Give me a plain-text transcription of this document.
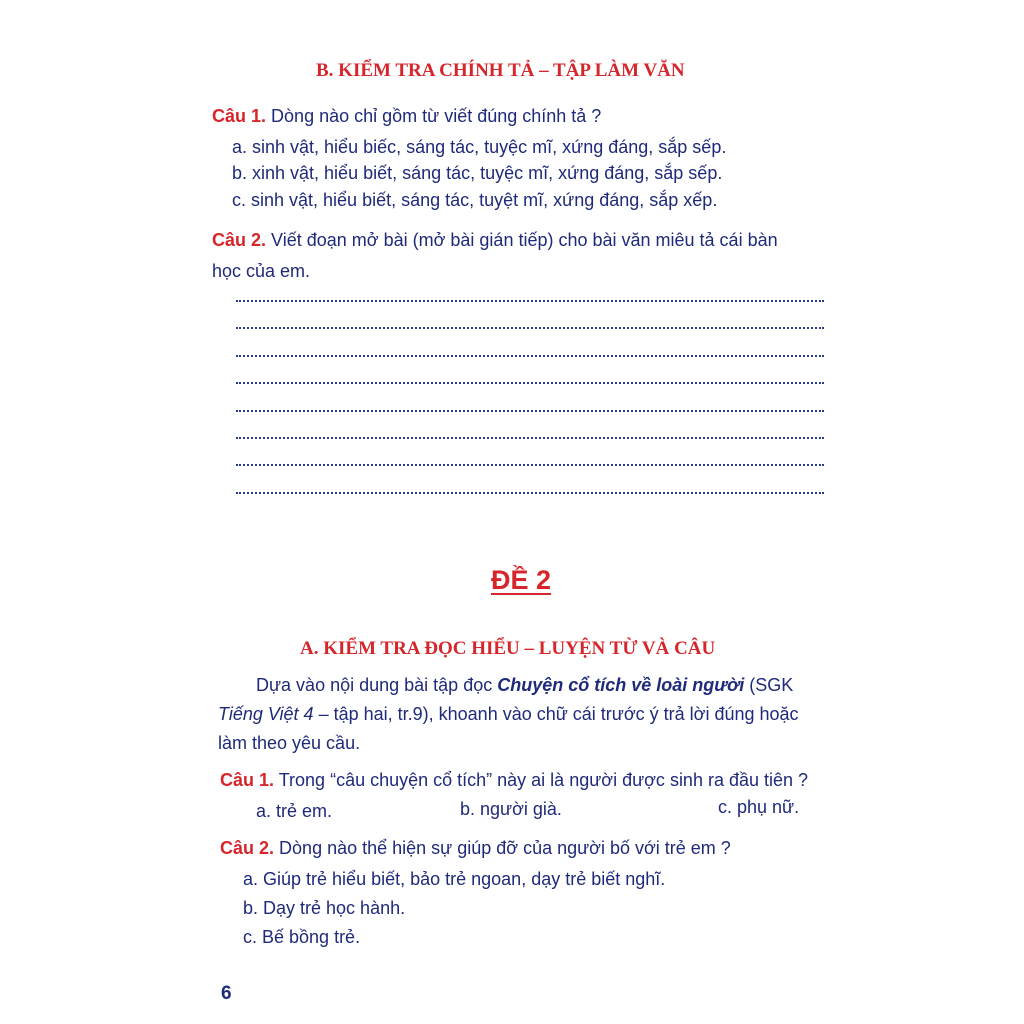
B. KIỂM TRA CHÍNH TẢ – TẬP LÀM VĂN
Câu 1. Dòng nào chỉ gồm từ viết đúng chính tả ?
a. sinh vật, hiểu biếc, sáng tác, tuyệc mĩ, xứng đáng, sắp sếp.
b. xinh vật, hiểu biết, sáng tác, tuyệc mĩ, xứng đáng, sắp sếp.
c. sinh vật, hiểu biết, sáng tác, tuyệt mĩ, xứng đáng, sắp xếp.
Câu 2. Viết đoạn mở bài (mở bài gián tiếp) cho bài văn miêu tả cái bàn
học của em.
ĐỀ 2
A. KIỂM TRA ĐỌC HIỂU – LUYỆN TỪ VÀ CÂU
Dựa vào nội dung bài tập đọc Chuyện cổ tích về loài người (SGK
Tiếng Việt 4 – tập hai, tr.9), khoanh vào chữ cái trước ý trả lời đúng hoặc
làm theo yêu cầu.
Câu 1. Trong “câu chuyện cổ tích” này ai là người được sinh ra đầu tiên ?
a. trẻ em.	b. người già.	c. phụ nữ.
Câu 2. Dòng nào thể hiện sự giúp đỡ của người bố với trẻ em ?
a. Giúp trẻ hiểu biết, bảo trẻ ngoan, dạy trẻ biết nghĩ.
b. Dạy trẻ học hành.
c. Bế bồng trẻ.
6
